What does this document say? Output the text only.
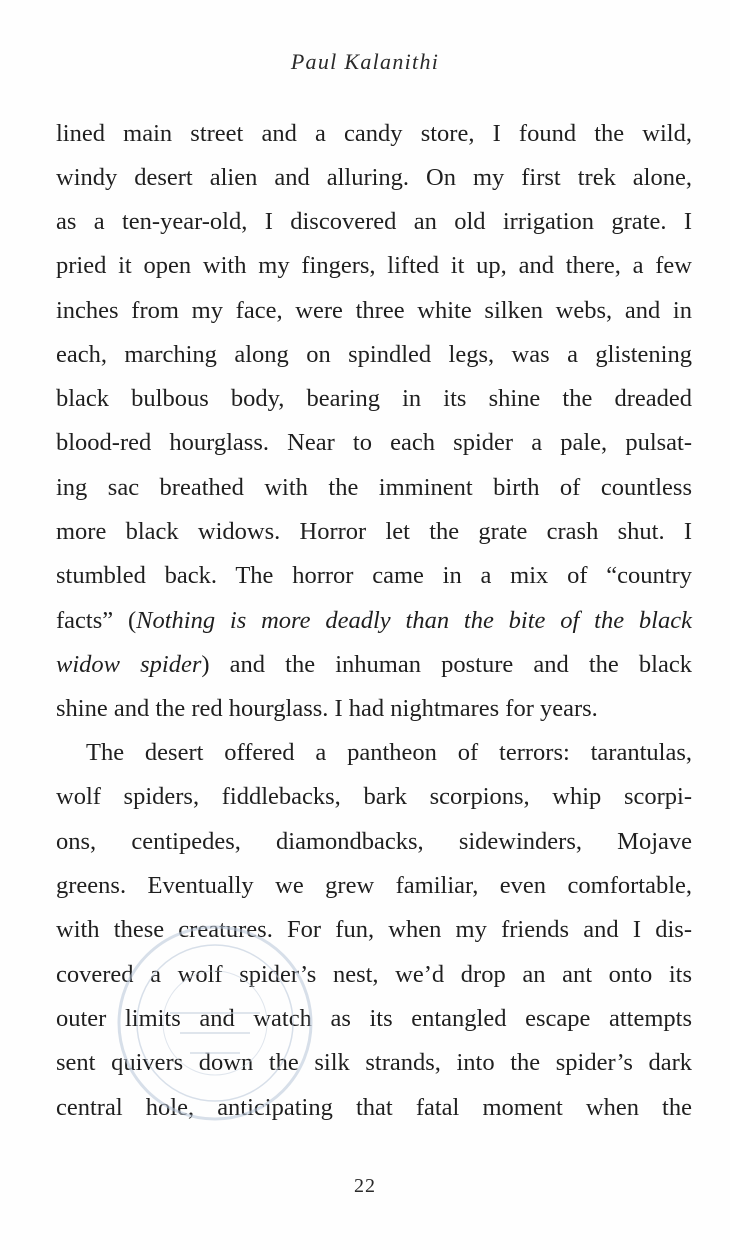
Paul Kalanithi
lined main street and a candy store, I found the wild,
windy desert alien and alluring. On my first trek alone,
as a ten-year-old, I discovered an old irrigation grate. I
pried it open with my fingers, lifted it up, and there, a few
inches from my face, were three white silken webs, and in
each, marching along on spindled legs, was a glistening
black bulbous body, bearing in its shine the dreaded
blood-red hourglass. Near to each spider a pale, pulsat-
ing sac breathed with the imminent birth of countless
more black widows. Horror let the grate crash shut. I
stumbled back. The horror came in a mix of “country
facts” (Nothing is more deadly than the bite of the black
widow spider) and the inhuman posture and the black
shine and the red hourglass. I had nightmares for years.
The desert offered a pantheon of terrors: tarantulas,
wolf spiders, fiddlebacks, bark scorpions, whip scorpi-
ons, centipedes, diamondbacks, sidewinders, Mojave
greens. Eventually we grew familiar, even comfortable,
with these creatures. For fun, when my friends and I dis-
covered a wolf spider’s nest, we’d drop an ant onto its
outer limits and watch as its entangled escape attempts
sent quivers down the silk strands, into the spider’s dark
central hole, anticipating that fatal moment when the
22
